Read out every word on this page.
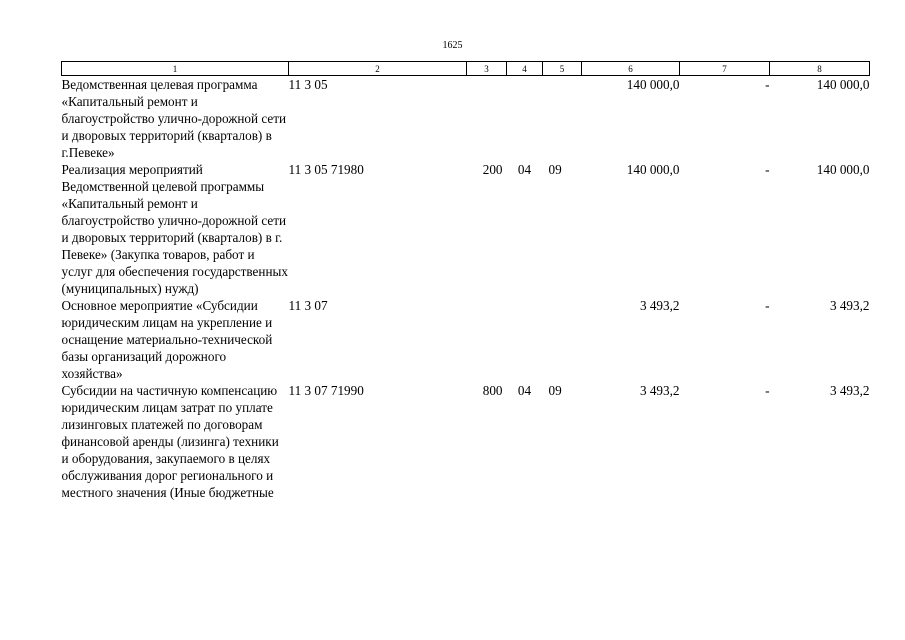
1625
1	2	3	4	5	6	7	8
Ведомственная целевая программа «Капитальный ремонт и благоустройство улично-дорожной сети и дворовых территорий (кварталов) в г.Певеке»	11 3 05				140 000,0	-	140 000,0
Реализация мероприятий Ведомственной целевой программы «Капитальный ремонт и благоустройство улично-дорожной сети и дворовых территорий (кварталов) в г. Певеке» (Закупка товаров, работ и услуг для обеспечения государственных (муниципальных) нужд)	11 3 05 71980	200	04	09	140 000,0	-	140 000,0
Основное мероприятие «Субсидии юридическим лицам на укрепление и оснащение материально-технической базы организаций дорожного хозяйства»	11 3 07				3 493,2	-	3 493,2
Субсидии на частичную компенсацию юридическим лицам затрат по уплате лизинговых платежей по договорам финансовой аренды (лизинга) техники и оборудования, закупаемого в целях обслуживания дорог регионального и местного значения (Иные бюджетные	11 3 07 71990	800	04	09	3 493,2	-	3 493,2
